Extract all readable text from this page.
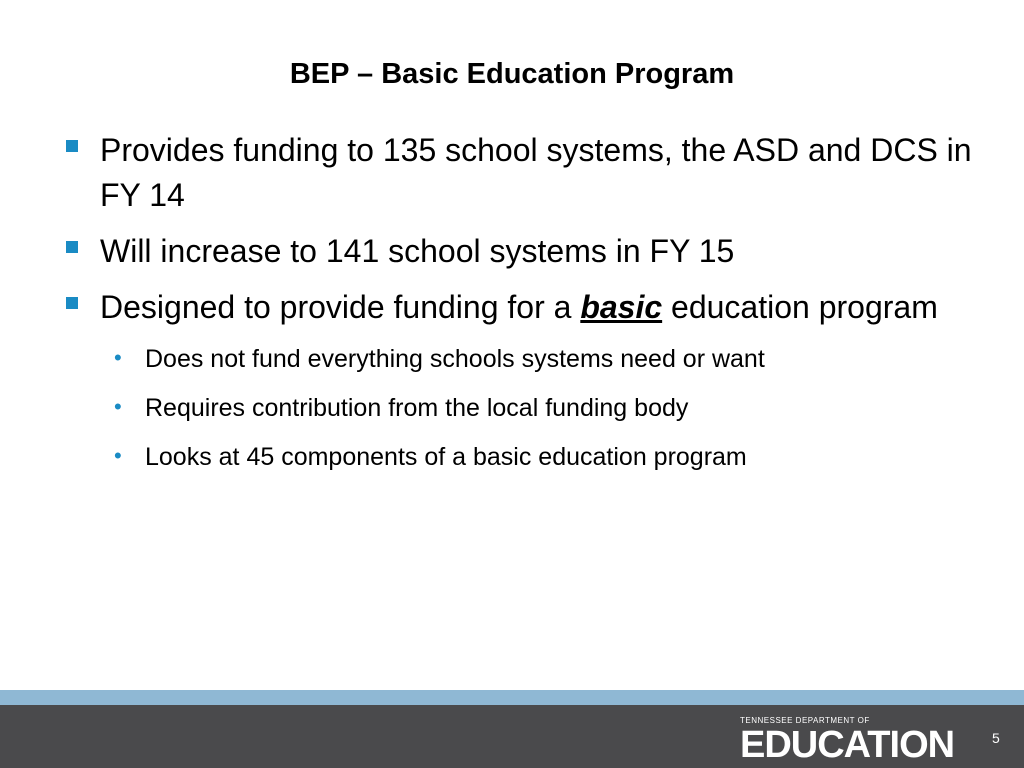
BEP – Basic Education Program
Provides funding to 135 school systems, the ASD and DCS in FY 14
Will increase to 141 school systems in FY 15
Designed to provide funding for a basic education program
• Does not fund everything schools systems need or want
• Requires contribution from the local funding body
• Looks at 45 components of a basic education program
TENNESSEE DEPARTMENT OF
EDUCATION	5
